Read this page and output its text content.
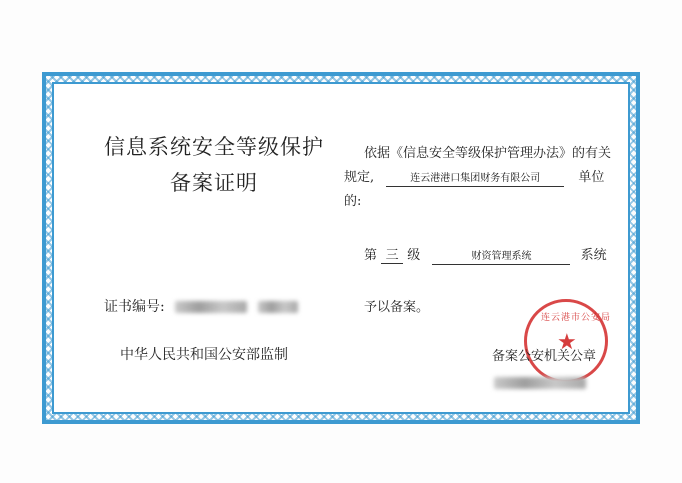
信息系统安全等级保护
备案证明
证书编号:
中华人民共和国公安部监制
依据《信息安全等级保护管理办法》的有关
规定,	连云港港口集团财务有限公司	单位
的:
第 三 级	财资管理系统	系统
予以备案。
连云港市公安局
★
备案公安机关公章
